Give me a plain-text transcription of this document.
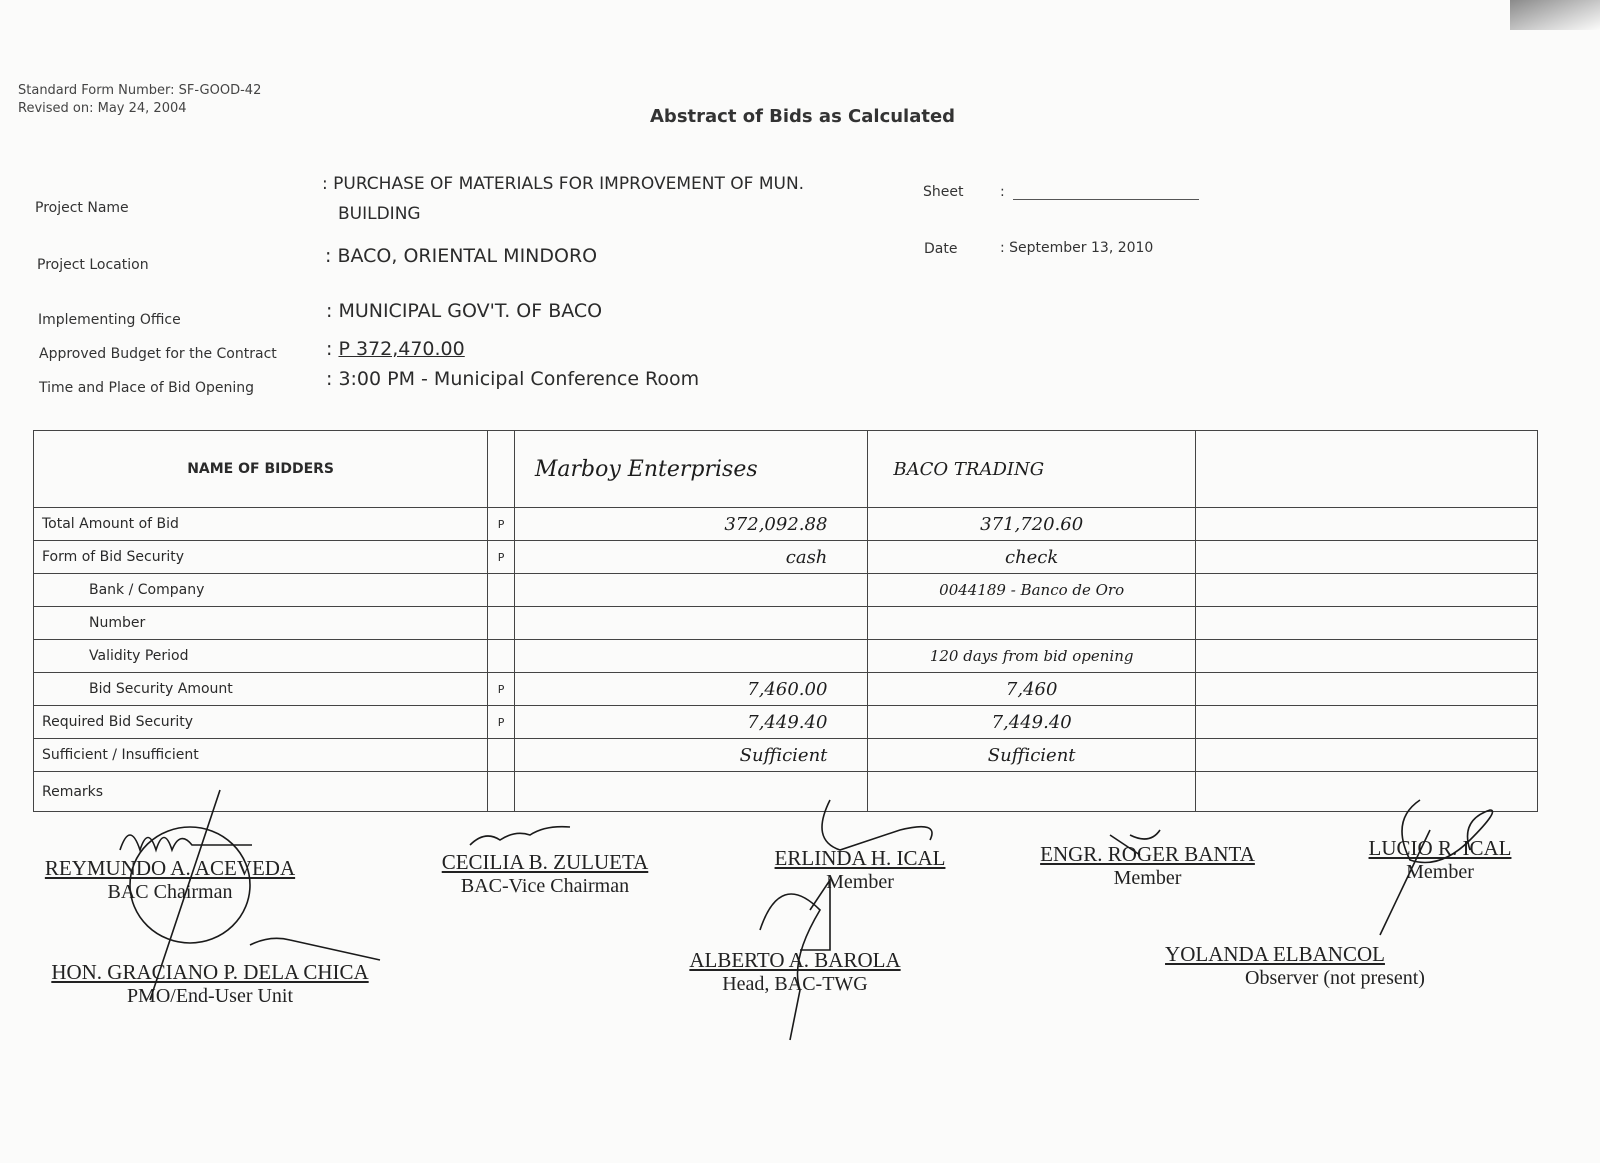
Standard Form Number: SF-GOOD-42
Revised on: May 24, 2004	Abstract of Bids as Calculated
Project Name
: PURCHASE OF MATERIALS FOR IMPROVEMENT OF MUN.
BUILDING
Project Location	: BACO, ORIENTAL MINDORO
Implementing Office	: MUNICIPAL GOV'T. OF BACO
Approved Budget for the Contract	: P 372,470.00
Time and Place of Bid Opening	: 3:00 PM - Municipal Conference Room
Sheet	:
Date	: September 13, 2010
NAME OF BIDDERS		Marboy Enterprises	BACO TRADING	
Total Amount of Bid	P	372,092.88	371,720.60	
Form of Bid Security	P	cash	check	
Bank / Company			0044189 - Banco de Oro	
Number				
Validity Period			120 days from bid opening	
Bid Security Amount	P	7,460.00	7,460	
Required Bid Security	P	7,449.40	7,449.40	
Sufficient / Insufficient		Sufficient	Sufficient	
Remarks				
REYMUNDO A. ACEVEDA
BAC Chairman
CECILIA B. ZULUETA
BAC-Vice Chairman
ERLINDA H. ICAL
Member
ENGR. ROGER BANTA
Member
LUCIO R. ICAL
Member
HON. GRACIANO P. DELA CHICA
PMO/End-User Unit
ALBERTO A. BAROLA
Head, BAC-TWG
YOLANDA ELBANCOL
Observer (not present)
